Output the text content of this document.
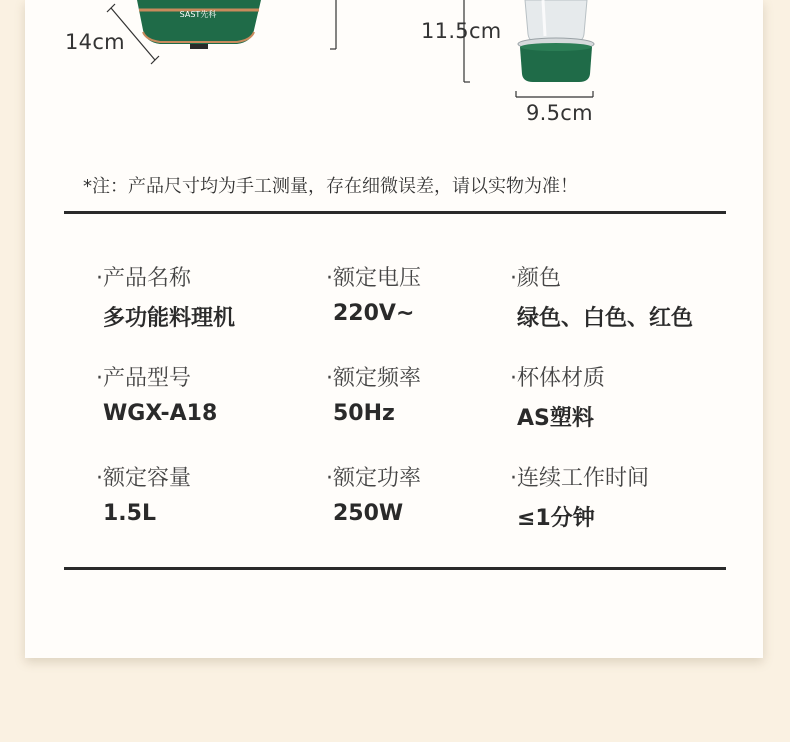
SAST先科
14cm	11.5cm
9.5cm
*注：产品尺寸均为手工测量，存在细微误差，请以实物为准！
·产品名称
多功能料理机
·额定电压
220V~
·颜色
绿色、白色、红色
·产品型号
WGX-A18
·额定频率
50Hz
·杯体材质
AS塑料
·额定容量
1.5L
·额定功率
250W
·连续工作时间
≤1分钟
